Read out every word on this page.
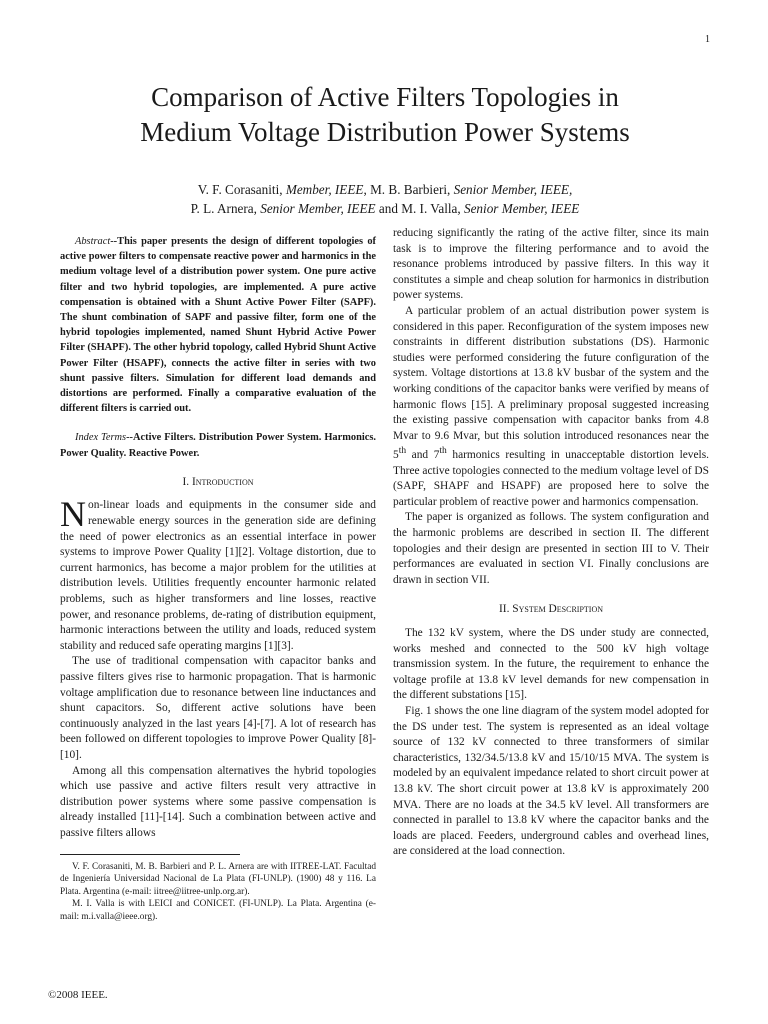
1
Comparison of Active Filters Topologies in
Medium Voltage Distribution Power Systems
V. F. Corasaniti, Member, IEEE, M. B. Barbieri, Senior Member, IEEE,
P. L. Arnera, Senior Member, IEEE and M. I. Valla, Senior Member, IEEE

Abstract--This paper presents the design of different topologies of active power filters to compensate reactive power and harmonics in the medium voltage level of a distribution power system. One pure active filter and two hybrid topologies, are implemented. A pure active compensation is obtained with a Shunt Active Power Filter (SAPF). The shunt combination of SAPF and passive filter, form one of the hybrid topologies implemented, named Shunt Hybrid Active Power Filter (SHAPF). The other hybrid topology, called Hybrid Shunt Active Power Filter (HSAPF), connects the active filter in series with two shunt passive filters. Simulation for different load demands and distortions are performed. Finally a comparative evaluation of the different filters is carried out.

Index Terms--Active Filters. Distribution Power System. Harmonics. Power Quality. Reactive Power.

I. Introduction

Non-linear loads and equipments in the consumer side and renewable energy sources in the generation side are defining the need of power electronics as an essential interface in power systems to improve Power Quality [1][2]. Voltage distortion, due to current harmonics, has become a major problem for the utilities at distribution levels. Utilities frequently encounter harmonic related problems, such as higher transformers and line losses, reactive power, and resonance problems, de-rating of distribution equipment, harmonic interactions between the utility and loads, reduced system stability and reduced safe operating margins [1][3].

The use of traditional compensation with capacitor banks and passive filters gives rise to harmonic propagation. That is harmonic voltage amplification due to resonance between line inductances and shunt capacitors. So, different active solutions have been continuously analyzed in the last years [4]-[7]. A lot of research has been followed on different topologies to improve Power Quality [8]-[10].

Among all this compensation alternatives the hybrid topologies which use passive and active filters result very attractive in distribution power systems where some passive compensation is already installed [11]-[14]. Such a combination between active and passive filters allows

V. F. Corasaniti, M. B. Barbieri and P. L. Arnera are with IITREE-LAT. Facultad de Ingeniería Universidad Nacional de La Plata (FI-UNLP). (1900) 48 y 116. La Plata. Argentina (e-mail: iitree@iitree-unlp.org.ar).

M. I. Valla is with LEICI and CONICET. (FI-UNLP). La Plata. Argentina (e-mail: m.i.valla@ieee.org).

reducing significantly the rating of the active filter, since its main task is to improve the filtering performance and to avoid the resonance problems introduced by passive filters. In this way it constitutes a simple and cheap solution for harmonics in distribution power systems.

A particular problem of an actual distribution power system is considered in this paper. Reconfiguration of the system imposes new constraints in different distribution substations (DS). Harmonic studies were performed considering the future configuration of the system. Voltage distortions at 13.8 kV busbar of the system and the working conditions of the capacitor banks were verified by means of harmonic flows [15]. A preliminary proposal suggested increasing the existing passive compensation with capacitor banks from 4.8 Mvar to 9.6 Mvar, but this solution introduced resonances near the 5th and 7th harmonics resulting in unacceptable distortion levels. Three active topologies connected to the medium voltage level of DS (SAPF, SHAPF and HSAPF) are proposed here to solve the particular problem of reactive power and harmonics compensation.

The paper is organized as follows. The system configuration and the harmonic problems are described in section II. The different topologies and their design are presented in section III to V. Their performances are evaluated in section VI. Finally conclusions are drawn in section VII.

II. System Description

The 132 kV system, where the DS under study are connected, works meshed and connected to the 500 kV high voltage transmission system. In the future, the requirement to enhance the voltage profile at 13.8 kV level demands for new compensation in the different substations [15].

Fig. 1 shows the one line diagram of the system model adopted for the DS under test. The system is represented as an ideal voltage source of 132 kV connected to three transformers of similar characteristics, 132/34.5/13.8 kV and 15/10/15 MVA. The system is modeled by an equivalent impedance related to short circuit power at 13.8 kV. The short circuit power at 13.8 kV is approximately 200 MVA. There are no loads at the 34.5 kV level. All transformers are connected in parallel to 13.8 kV where the capacitor banks and the loads are placed. Feeders, underground cables and overhead lines, are considered at the load connection.

©2008 IEEE.
